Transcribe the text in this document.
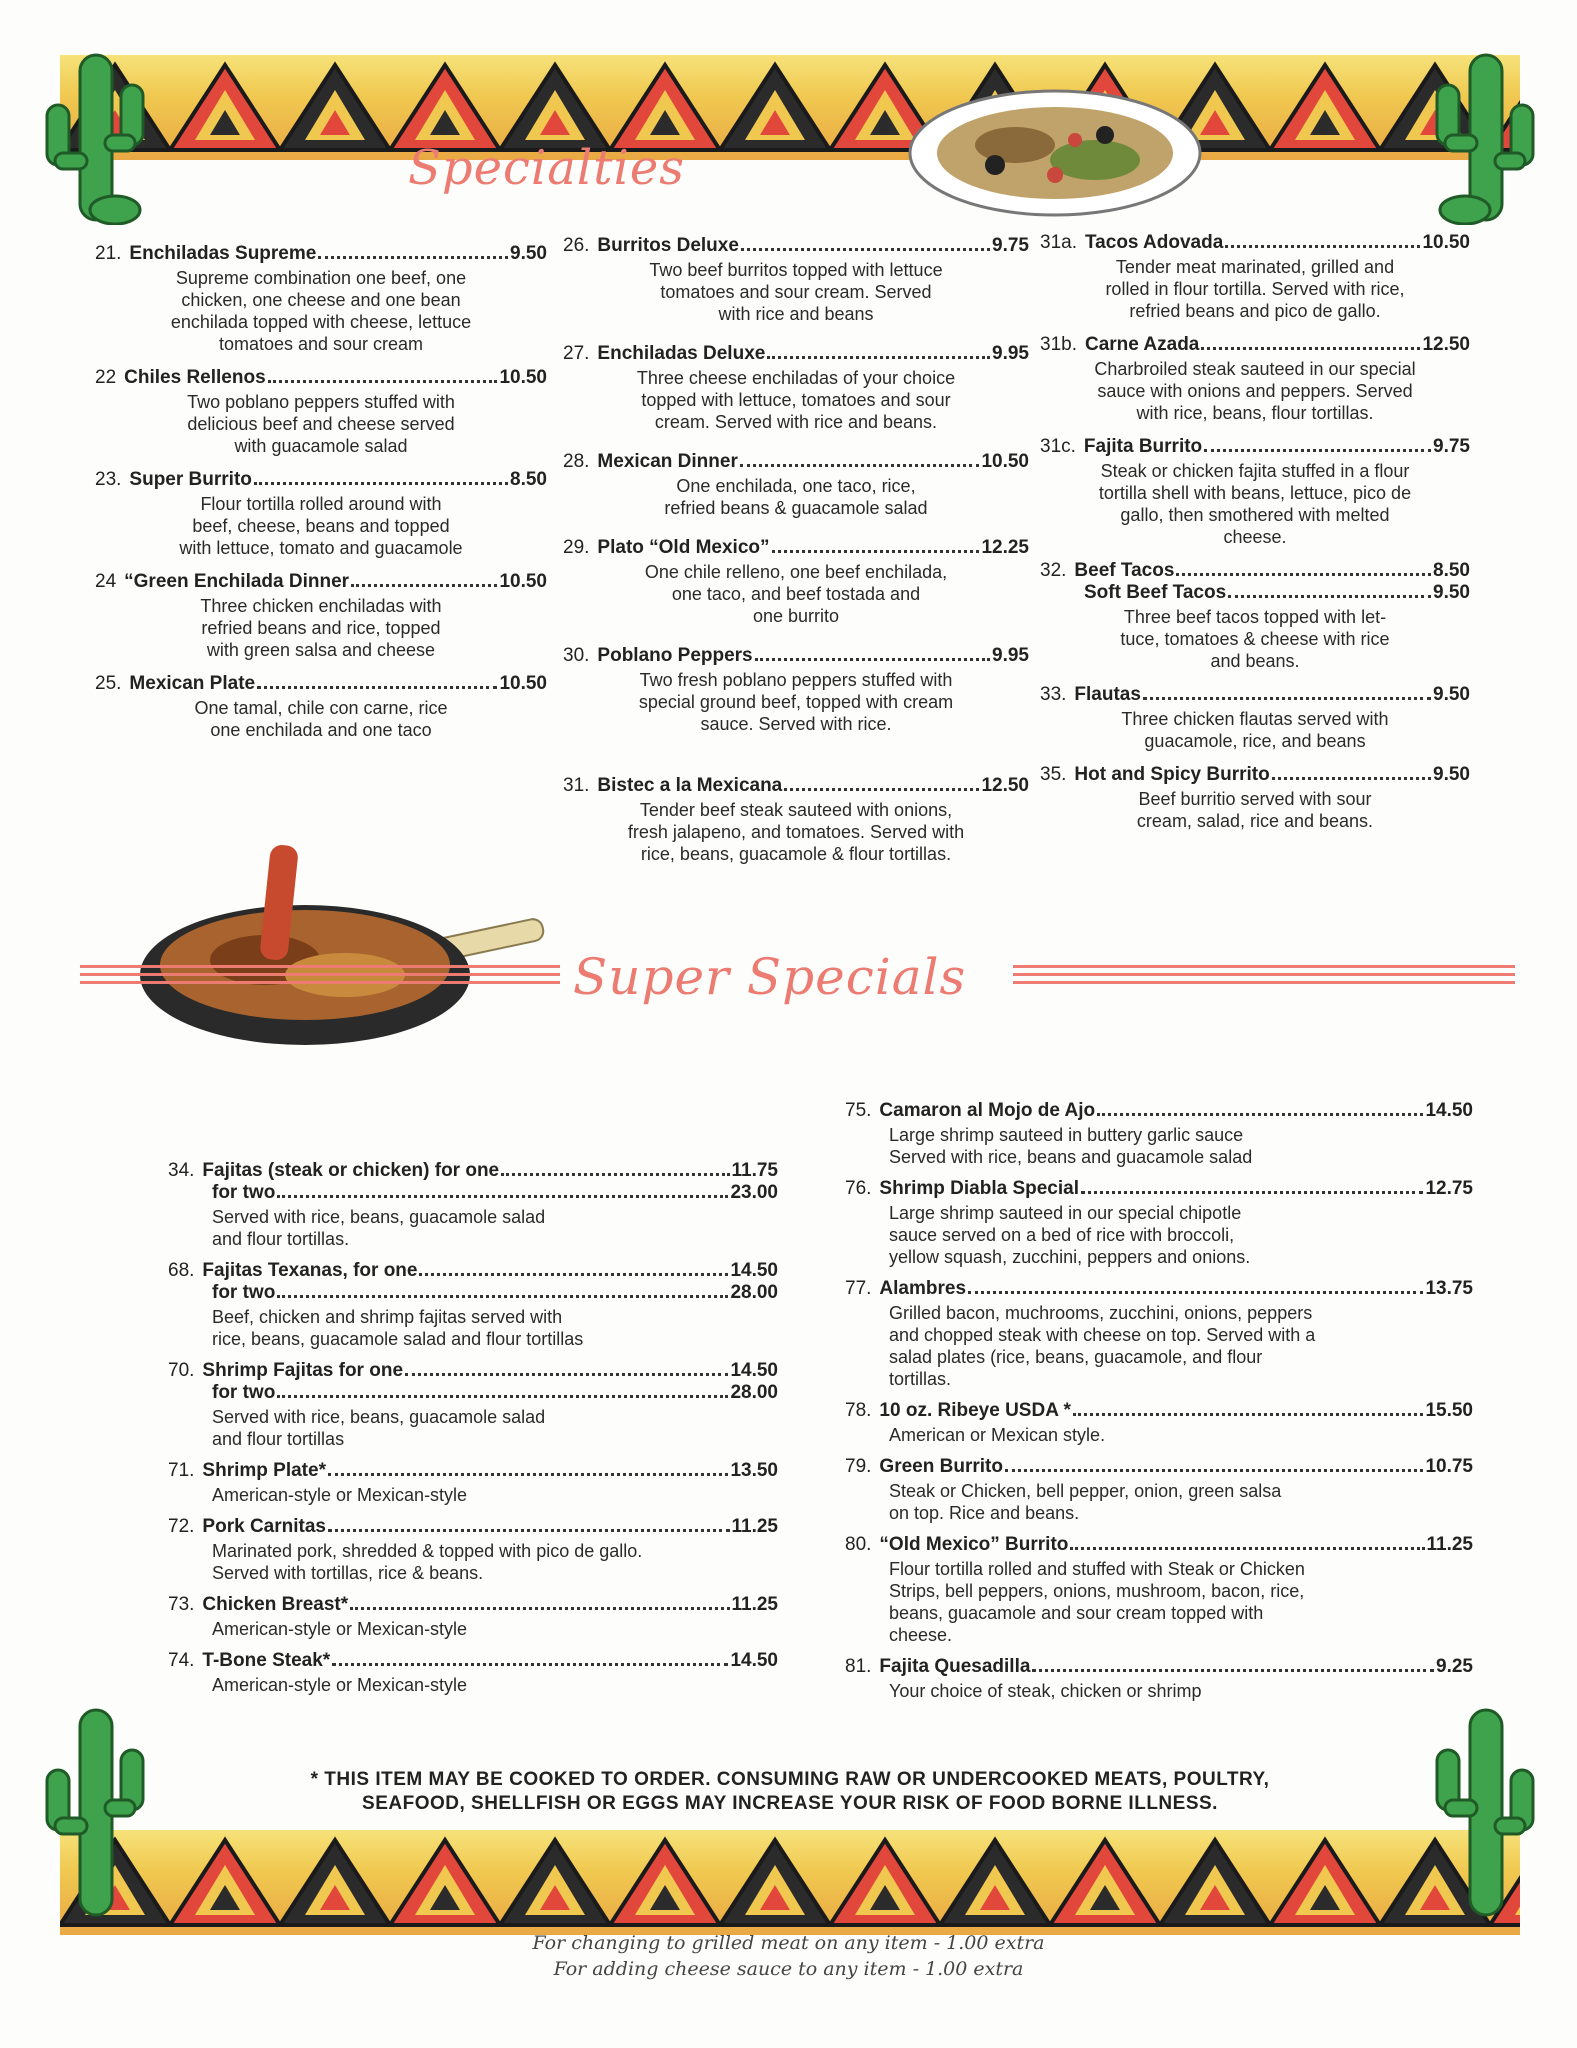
Specialties
Super Specials
21. Enchiladas Supreme	9.50
Supreme combination one beef, one
chicken, one cheese and one bean
enchilada topped with cheese, lettuce
tomatoes and sour cream
22 Chiles Rellenos	10.50
Two poblano peppers stuffed with
delicious beef and cheese served
with guacamole salad
23. Super Burrito	8.50
Flour tortilla rolled around with
beef, cheese, beans and topped
with lettuce, tomato and guacamole
24 “Green Enchilada Dinner	10.50
Three chicken enchiladas with
refried beans and rice, topped
with green salsa and cheese
25. Mexican Plate	10.50
One tamal, chile con carne, rice
one enchilada and one taco
26. Burritos Deluxe	9.75
Two beef burritos topped with lettuce
tomatoes and sour cream. Served
with rice and beans
27. Enchiladas Deluxe	9.95
Three cheese enchiladas of your choice
topped with lettuce, tomatoes and sour
cream. Served with rice and beans.
28. Mexican Dinner	10.50
One enchilada, one taco, rice,
refried beans & guacamole salad
29. Plato “Old Mexico”	12.25
One chile relleno, one beef enchilada,
one taco, and beef tostada and
one burrito
30. Poblano Peppers	9.95
Two fresh poblano peppers stuffed with
special ground beef, topped with cream
sauce. Served with rice.
31. Bistec a la Mexicana	12.50
Tender beef steak sauteed with onions,
fresh jalapeno, and tomatoes. Served with
rice, beans, guacamole & flour tortillas.
31a. Tacos Adovada	10.50
Tender meat marinated, grilled and
rolled in flour tortilla. Served with rice,
refried beans and pico de gallo.
31b. Carne Azada	12.50
Charbroiled steak sauteed in our special
sauce with onions and peppers. Served
with rice, beans, flour tortillas.
31c. Fajita Burrito	9.75
Steak or chicken fajita stuffed in a flour
tortilla shell with beans, lettuce, pico de
gallo, then smothered with melted
cheese.
32. Beef Tacos	8.50
Soft Beef Tacos	9.50
Three beef tacos topped with let-
tuce, tomatoes & cheese with rice
and beans.
33. Flautas	9.50
Three chicken flautas served with
guacamole, rice, and beans
35. Hot and Spicy Burrito	9.50
Beef burritio served with sour
cream, salad, rice and beans.
34. Fajitas (steak or chicken) for one	11.75
for two	23.00
Served with rice, beans, guacamole salad
and flour tortillas.
68. Fajitas Texanas, for one	14.50
for two	28.00
Beef, chicken and shrimp fajitas served with
rice, beans, guacamole salad and flour tortillas
70. Shrimp Fajitas for one	14.50
for two	28.00
Served with rice, beans, guacamole salad
and flour tortillas
71. Shrimp Plate*	13.50
American-style or Mexican-style
72. Pork Carnitas	11.25
Marinated pork, shredded & topped with pico de gallo.
Served with tortillas, rice & beans.
73. Chicken Breast*	11.25
American-style or Mexican-style
74. T-Bone Steak*	14.50
American-style or Mexican-style
75. Camaron al Mojo de Ajo	14.50
Large shrimp sauteed in buttery garlic sauce
Served with rice, beans and guacamole salad
76. Shrimp Diabla Special	12.75
Large shrimp sauteed in our special chipotle
sauce served on a bed of rice with broccoli,
yellow squash, zucchini, peppers and onions.
77. Alambres	13.75
Grilled bacon, muchrooms, zucchini, onions, peppers
and chopped steak with cheese on top. Served with a
salad plates (rice, beans, guacamole, and flour
tortillas.
78. 10 oz. Ribeye USDA *	15.50
American or Mexican style.
79. Green Burrito	10.75
Steak or Chicken, bell pepper, onion, green salsa
on top. Rice and beans.
80. “Old Mexico” Burrito	11.25
Flour tortilla rolled and stuffed with Steak or Chicken
Strips, bell peppers, onions, mushroom, bacon, rice,
beans, guacamole and sour cream topped with
cheese.
81. Fajita Quesadilla	9.25
Your choice of steak, chicken or shrimp
* THIS ITEM MAY BE COOKED TO ORDER. CONSUMING RAW OR UNDERCOOKED MEATS, POULTRY,
SEAFOOD, SHELLFISH OR EGGS MAY INCREASE YOUR RISK OF FOOD BORNE ILLNESS.
For changing to grilled meat on any item - 1.00 extra
For adding cheese sauce to any item - 1.00 extra
